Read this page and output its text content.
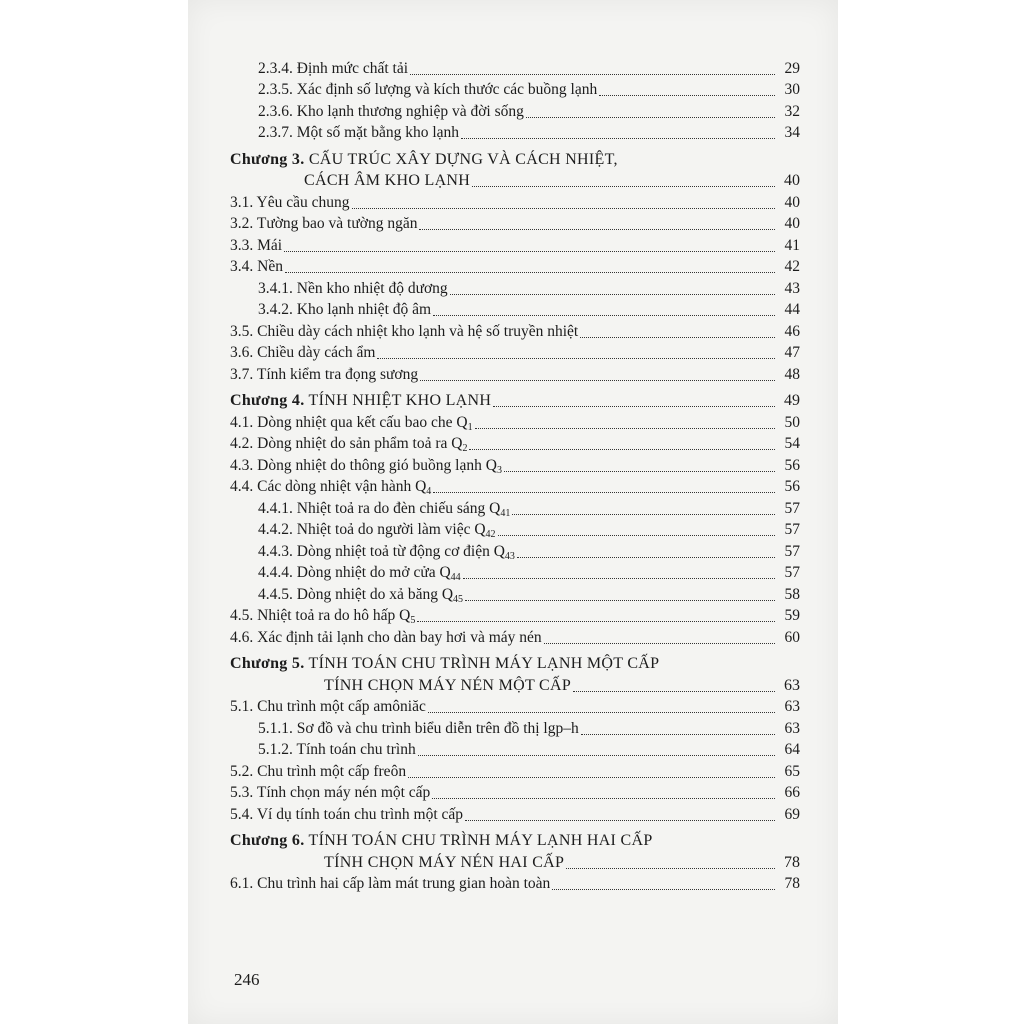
2.3.4. Định mức chất tải	29
2.3.5. Xác định số lượng và kích thước các buồng lạnh	30
2.3.6. Kho lạnh thương nghiệp và đời sống	32
2.3.7. Một số mặt bằng kho lạnh	34
Chương 3. CẤU TRÚC XÂY DỰNG VÀ CÁCH NHIỆT,
CÁCH ÂM KHO LẠNH	40
3.1. Yêu cầu chung	40
3.2. Tường bao và tường ngăn	40
3.3. Mái	41
3.4. Nền	42
3.4.1. Nền kho nhiệt độ dương	43
3.4.2. Kho lạnh nhiệt độ âm	44
3.5. Chiều dày cách nhiệt kho lạnh và hệ số truyền nhiệt	46
3.6. Chiều dày cách ẩm	47
3.7. Tính kiểm tra đọng sương	48
Chương 4. TÍNH NHIỆT KHO LẠNH	49
4.1. Dòng nhiệt qua kết cấu bao che $Q_1$	50
4.2. Dòng nhiệt do sản phẩm toả ra $Q_2$	54
4.3. Dòng nhiệt do thông gió buồng lạnh $Q_3$	56
4.4. Các dòng nhiệt vận hành $Q_4$	56
4.4.1. Nhiệt toả ra do đèn chiếu sáng $Q_{41}$	57
4.4.2. Nhiệt toả do người làm việc $Q_{42}$	57
4.4.3. Dòng nhiệt toả từ động cơ điện $Q_{43}$	57
4.4.4. Dòng nhiệt do mở cửa $Q_{44}$	57
4.4.5. Dòng nhiệt do xả băng $Q_{45}$	58
4.5. Nhiệt toả ra do hô hấp $Q_5$	59
4.6. Xác định tải lạnh cho dàn bay hơi và máy nén	60
Chương 5. TÍNH TOÁN CHU TRÌNH MÁY LẠNH MỘT CẤP
TÍNH CHỌN MÁY NÉN MỘT CẤP	63
5.1. Chu trình một cấp amôniăc	63
5.1.1. Sơ đồ và chu trình biểu diễn trên đồ thị lgp–h	63
5.1.2. Tính toán chu trình	64
5.2. Chu trình một cấp freôn	65
5.3. Tính chọn máy nén một cấp	66
5.4. Ví dụ tính toán chu trình một cấp	69
Chương 6. TÍNH TOÁN CHU TRÌNH MÁY LẠNH HAI CẤP
TÍNH CHỌN MÁY NÉN HAI CẤP	78
6.1. Chu trình hai cấp làm mát trung gian hoàn toàn	78
246
